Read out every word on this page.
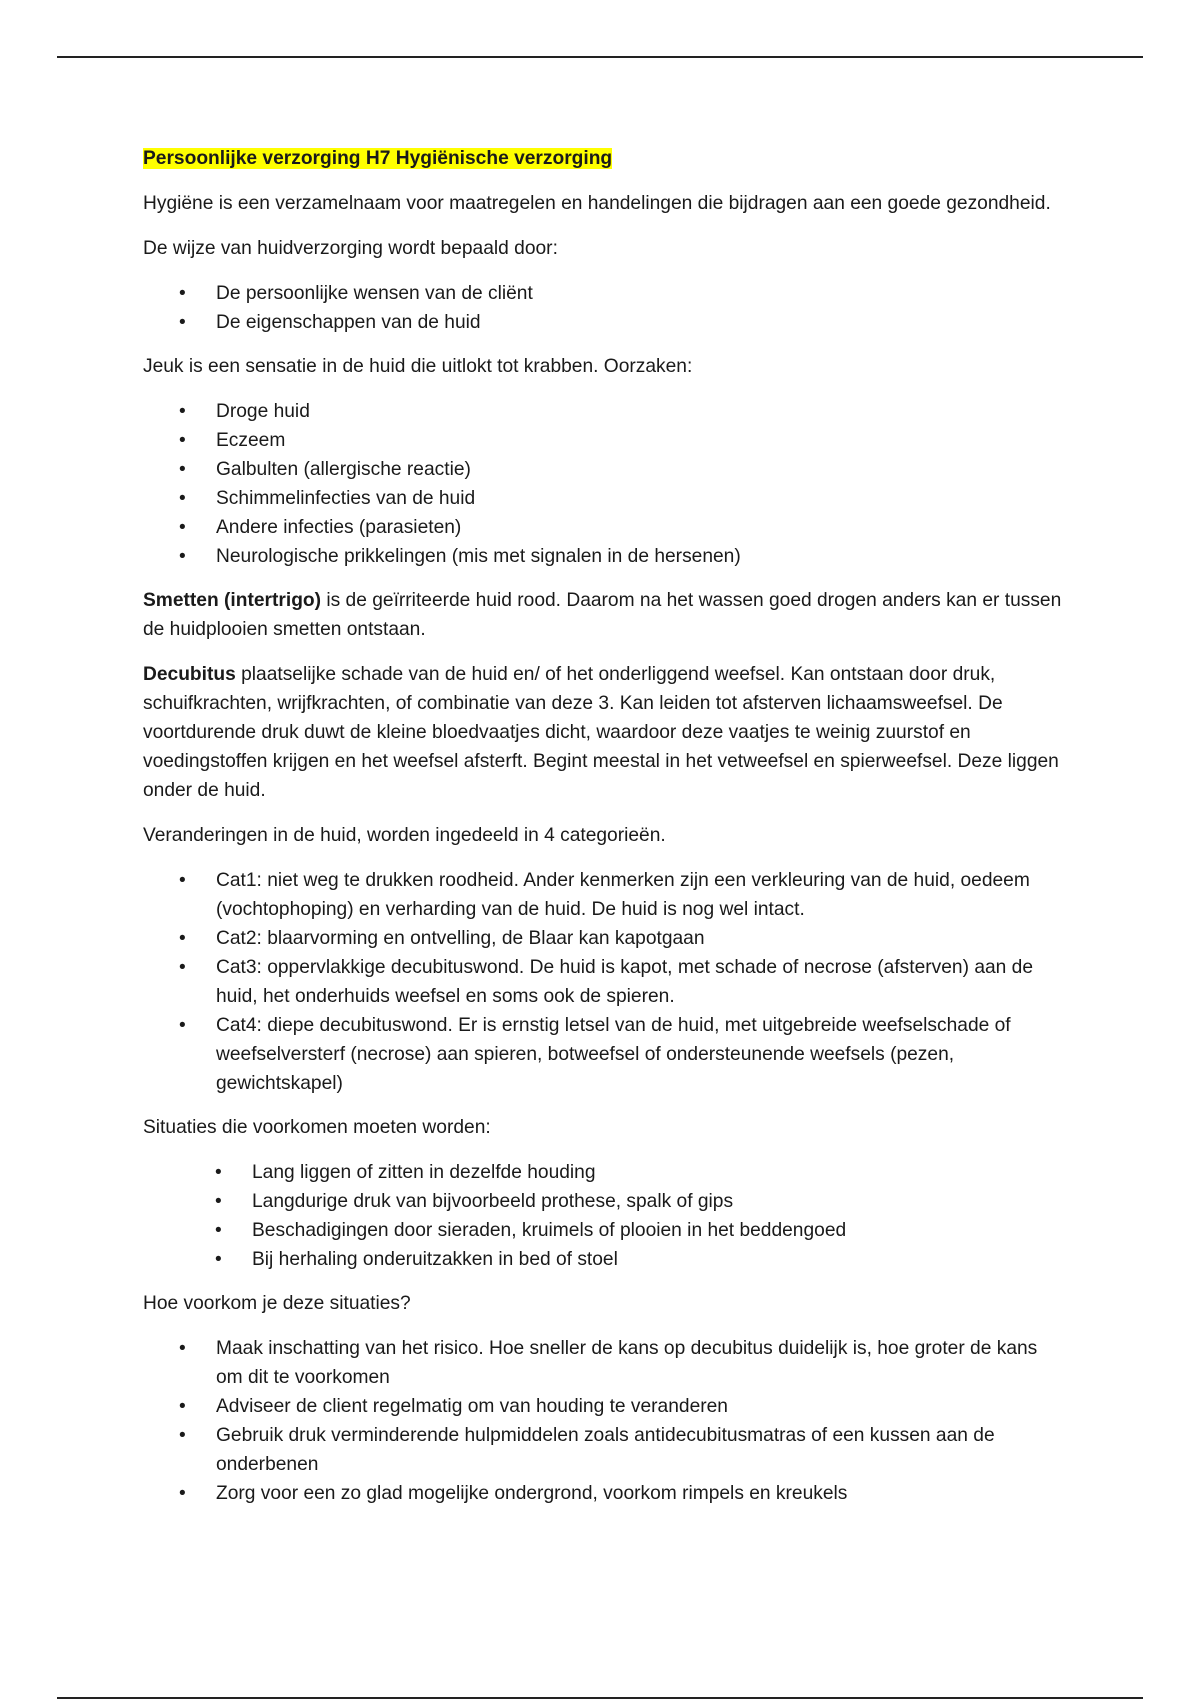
Persoonlijke verzorging H7 Hygiënische verzorging

Hygiëne is een verzamelnaam voor maatregelen en handelingen die bijdragen aan een goede gezondheid.

De wijze van huidverzorging wordt bepaald door:

• De persoonlijke wensen van de cliënt
• De eigenschappen van de huid

Jeuk is een sensatie in de huid die uitlokt tot krabben. Oorzaken:

• Droge huid
• Eczeem
• Galbulten (allergische reactie)
• Schimmelinfecties van de huid
• Andere infecties (parasieten)
• Neurologische prikkelingen (mis met signalen in de hersenen)

Smetten (intertrigo) is de geïrriteerde huid rood. Daarom na het wassen goed drogen anders kan er tussen de huidplooien smetten ontstaan.

Decubitus plaatselijke schade van de huid en/ of het onderliggend weefsel. Kan ontstaan door druk, schuifkrachten, wrijfkrachten, of combinatie van deze 3. Kan leiden tot afsterven lichaamsweefsel. De voortdurende druk duwt de kleine bloedvaatjes dicht, waardoor deze vaatjes te weinig zuurstof en voedingstoffen krijgen en het weefsel afsterft. Begint meestal in het vetweefsel en spierweefsel. Deze liggen onder de huid.

Veranderingen in de huid, worden ingedeeld in 4 categorieën.

• Cat1: niet weg te drukken roodheid. Ander kenmerken zijn een verkleuring van de huid, oedeem (vochtophoping) en verharding van de huid. De huid is nog wel intact.
• Cat2: blaarvorming en ontvelling, de Blaar kan kapotgaan
• Cat3: oppervlakkige decubituswond. De huid is kapot, met schade of necrose (afsterven) aan de huid, het onderhuids weefsel en soms ook de spieren.
• Cat4: diepe decubituswond. Er is ernstig letsel van de huid, met uitgebreide weefselschade of weefselversterf (necrose) aan spieren, botweefsel of ondersteunende weefsels (pezen, gewichtskapel)

Situaties die voorkomen moeten worden:

• Lang liggen of zitten in dezelfde houding
• Langdurige druk van bijvoorbeeld prothese, spalk of gips
• Beschadigingen door sieraden, kruimels of plooien in het beddengoed
• Bij herhaling onderuitzakken in bed of stoel

Hoe voorkom je deze situaties?

• Maak inschatting van het risico. Hoe sneller de kans op decubitus duidelijk is, hoe groter de kans om dit te voorkomen
• Adviseer de client regelmatig om van houding te veranderen
• Gebruik druk verminderende hulpmiddelen zoals antidecubitusmatras of een kussen aan de onderbenen
• Zorg voor een zo glad mogelijke ondergrond, voorkom rimpels en kreukels
